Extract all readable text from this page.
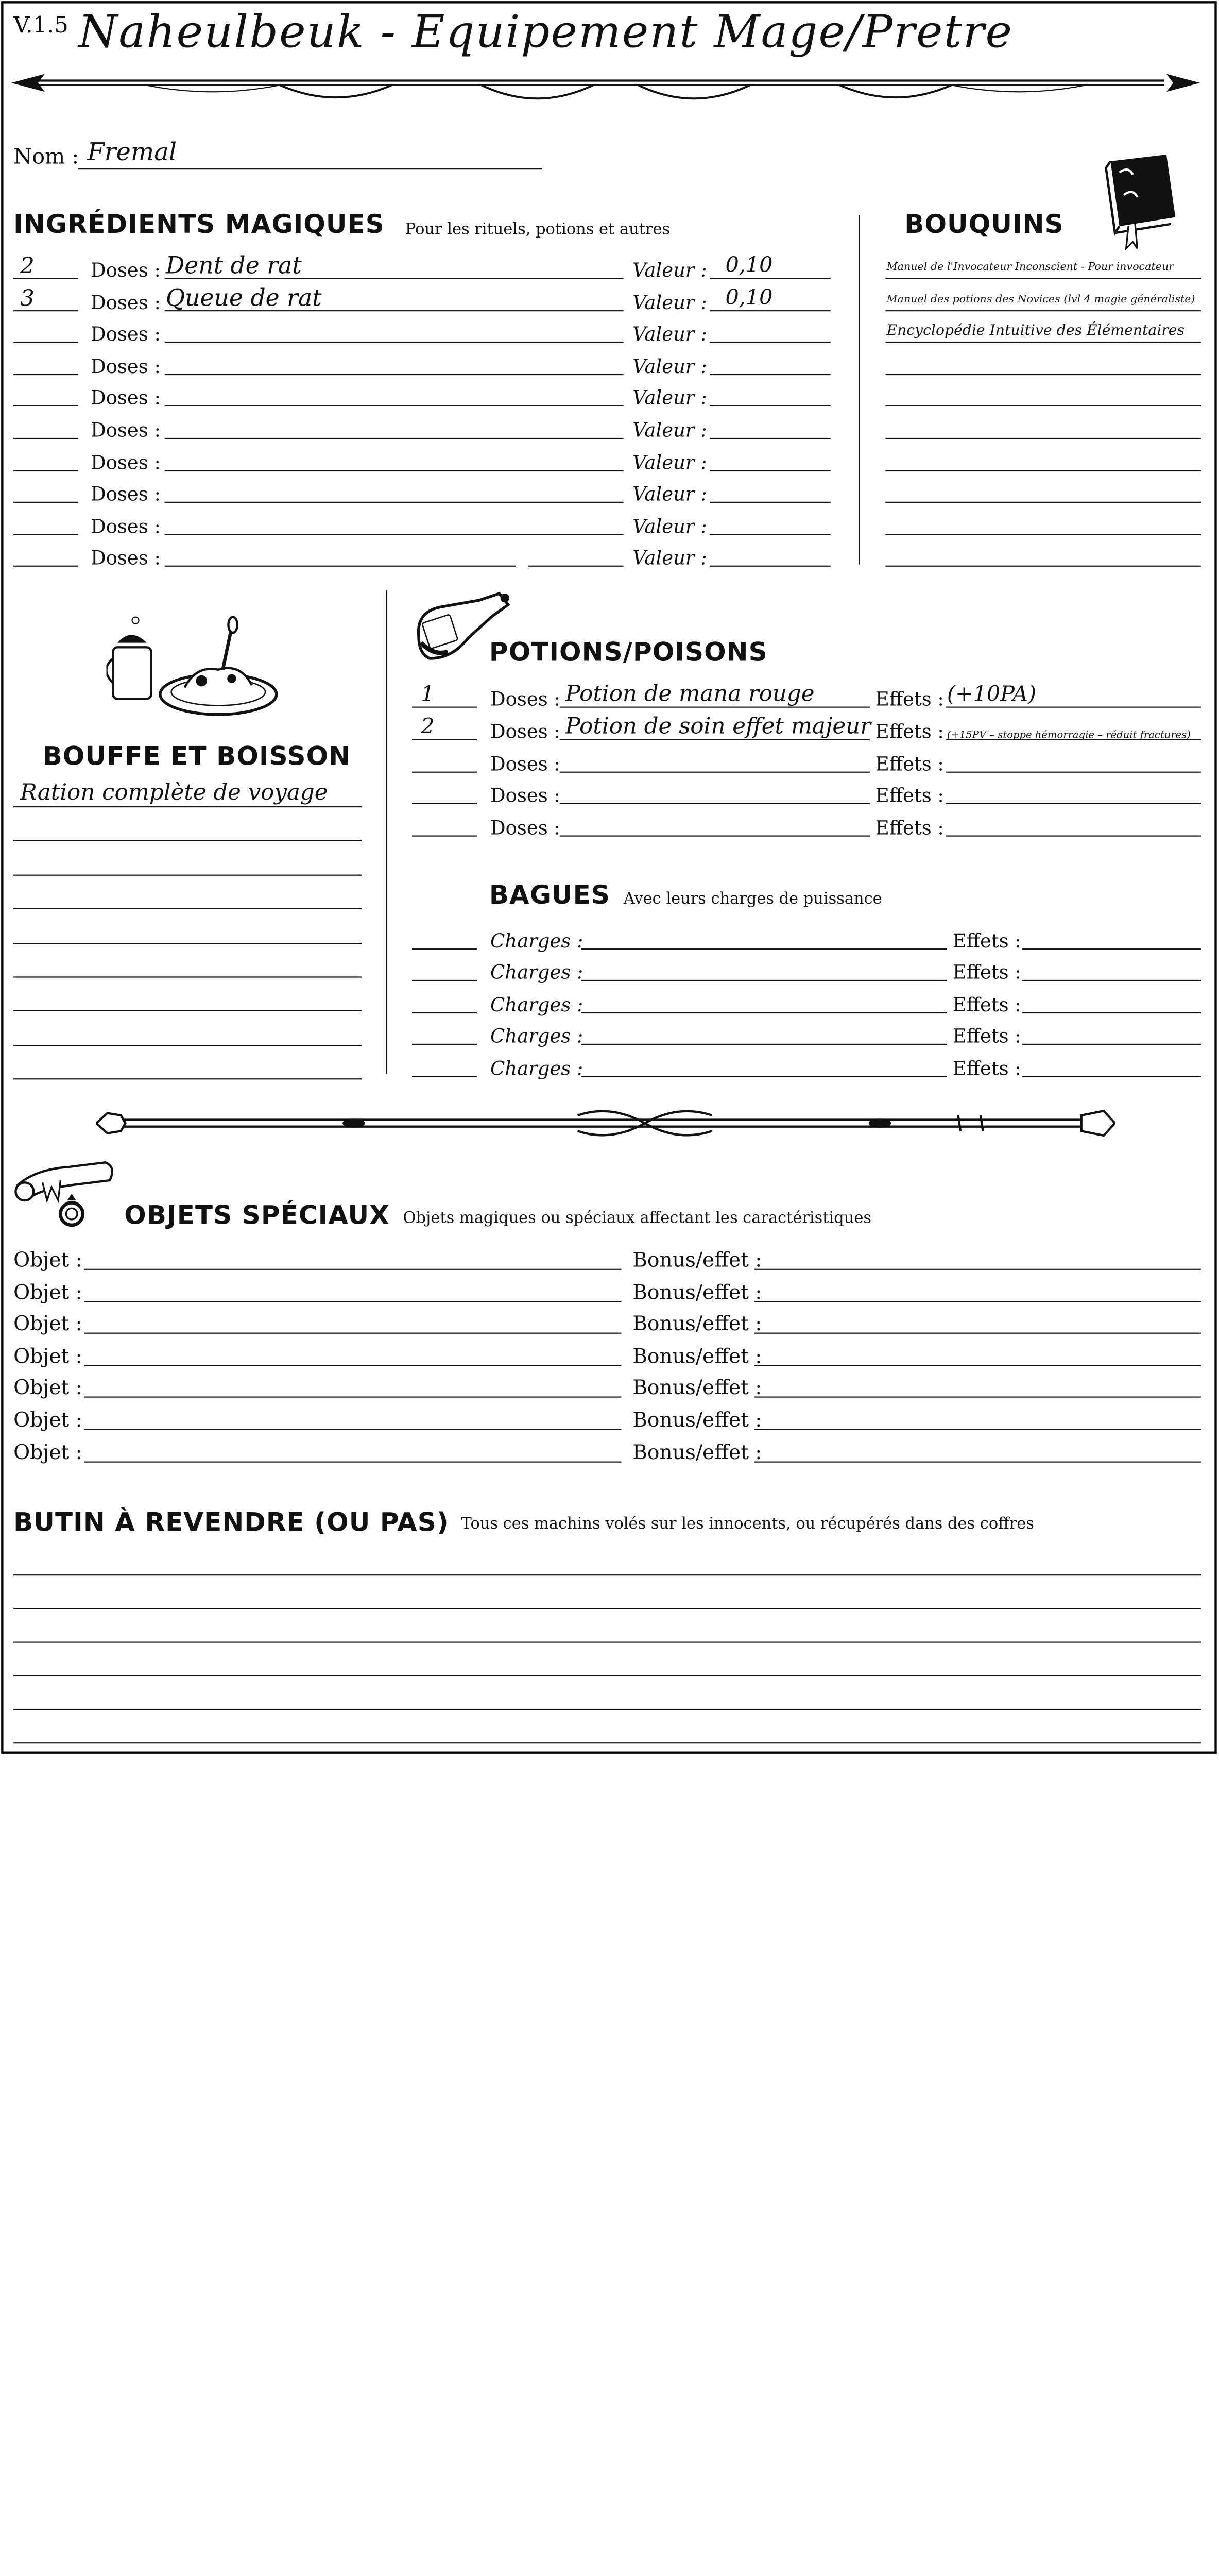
V.1.5 Naheulbeuk - Equipement Mage/Pretre
Nom : Fremal
INGRÉDIENTS MAGIQUES	Pour les rituels, potions et autres
2	Doses : Dent de rat	Valeur : 0,10
3	Doses : Queue de rat	Valeur : 0,10
Doses :	Valeur :
Doses :	Valeur :
Doses :	Valeur :
Doses :	Valeur :
Doses :	Valeur :
Doses :	Valeur :
Doses :	Valeur :
Doses :	Valeur :
BOUQUINS
Manuel de l'Invocateur Inconscient - Pour invocateur
Manuel des potions des Novices (lvl 4 magie généraliste)
Encyclopédie Intuitive des Élémentaires
BOUFFE ET BOISSON
Ration complète de voyage
POTIONS/POISONS
1	Doses : Potion de mana rouge	Effets : (+10PA)
2	Doses : Potion de soin effet majeur Effets : (+15PV – stoppe hémorragie – réduit fractures)
Doses :	Effets :
Doses :	Effets :
Doses :	Effets :
BAGUES Avec leurs charges de puissance
Charges :	Effets :
Charges :	Effets :
Charges :	Effets :
Charges :	Effets :
Charges :	Effets :
OBJETS SPÉCIAUX Objets magiques ou spéciaux affectant les caractéristiques
Objet :	Bonus/effet :
Objet :	Bonus/effet :
Objet :	Bonus/effet :
Objet :	Bonus/effet :
Objet :	Bonus/effet :
Objet :	Bonus/effet :
Objet :	Bonus/effet :
BUTIN À REVENDRE (OU PAS) Tous ces machins volés sur les innocents, ou récupérés dans des coffres
